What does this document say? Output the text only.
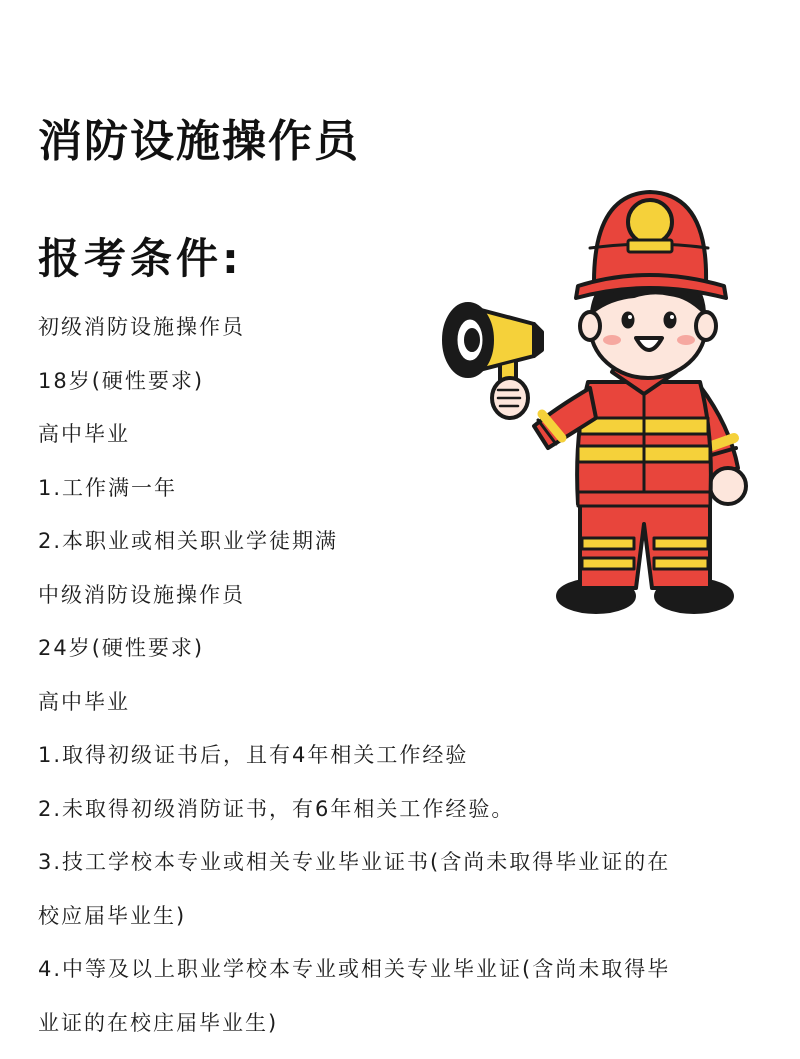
消防设施操作员
报考条件:
初级消防设施操作员
18岁(硬性要求)
高中毕业
1.工作满一年
2.本职业或相关职业学徒期满
中级消防设施操作员
24岁(硬性要求)
高中毕业
1.取得初级证书后，且有4年相关工作经验
2.未取得初级消防证书，有6年相关工作经验。
3.技工学校本专业或相关专业毕业证书(含尚未取得毕业证的在
校应届毕业生)
4.中等及以上职业学校本专业或相关专业毕业证(含尚未取得毕
业证的在校庄届毕业生)
